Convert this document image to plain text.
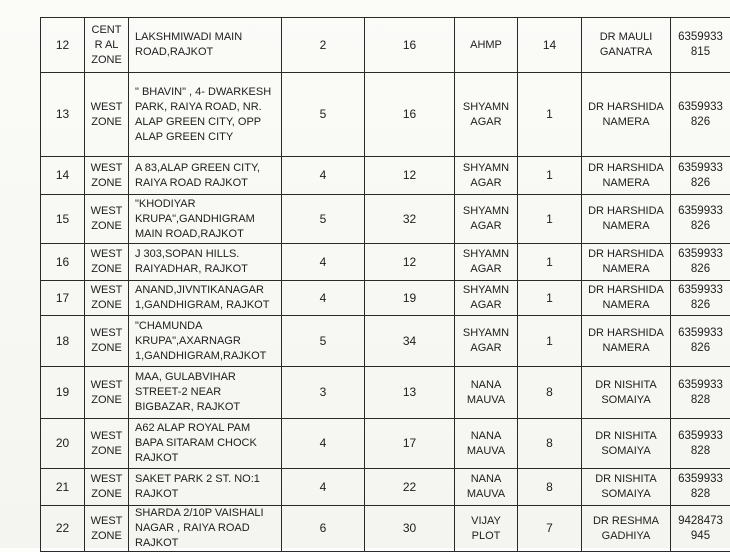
12	CENTR AL ZONE	LAKSHMIWADI MAIN ROAD,RAJKOT	2	16	AHMP	14	DR MAULI GANATRA	6359933815
13	WEST ZONE	" BHAVIN" , 4- DWARKESH PARK, RAIYA ROAD, NR. ALAP GREEN CITY, OPP ALAP GREEN CITY	5	16	SHYAMN AGAR	1	DR HARSHIDA NAMERA	6359933826
14	WEST ZONE	A 83,ALAP GREEN CITY, RAIYA ROAD RAJKOT	4	12	SHYAMN AGAR	1	DR HARSHIDA NAMERA	6359933826
15	WEST ZONE	"KHODIYAR KRUPA",GANDHIGRAM MAIN ROAD,RAJKOT	5	32	SHYAMN AGAR	1	DR HARSHIDA NAMERA	6359933826
16	WEST ZONE	J 303,SOPAN HILLS. RAIYADHAR, RAJKOT	4	12	SHYAMN AGAR	1	DR HARSHIDA NAMERA	6359933826
17	WEST ZONE	ANAND,JIVNTIKANAGAR 1,GANDHIGRAM, RAJKOT	4	19	SHYAMN AGAR	1	DR HARSHIDA NAMERA	6359933826
18	WEST ZONE	"CHAMUNDA KRUPA",AXARNAGR 1,GANDHIGRAM,RAJKOT	5	34	SHYAMN AGAR	1	DR HARSHIDA NAMERA	6359933826
19	WEST ZONE	MAA, GULABVIHAR STREET-2 NEAR BIGBAZAR, RAJKOT	3	13	NANA MAUVA	8	DR NISHITA SOMAIYA	6359933828
20	WEST ZONE	A62 ALAP ROYAL PAM BAPA SITARAM CHOCK RAJKOT	4	17	NANA MAUVA	8	DR NISHITA SOMAIYA	6359933828
21	WEST ZONE	SAKET PARK 2 ST. NO:1 RAJKOT	4	22	NANA MAUVA	8	DR NISHITA SOMAIYA	6359933828
22	WEST ZONE	SHARDA 2/10P VAISHALI NAGAR , RAIYA ROAD RAJKOT	6	30	VIJAY PLOT	7	DR RESHMA GADHIYA	9428473945
